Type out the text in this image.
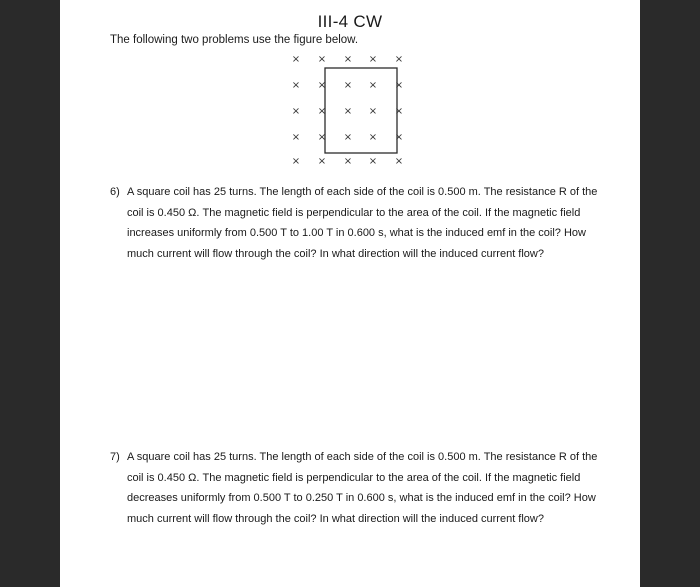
III-4 CW
The following two problems use the figure below.
× × × × ×
× × × × ×
× × × × ×
× × × × ×
× × × × ×
6) A square coil has 25 turns. The length of each side of the coil is 0.500 m. The resistance R of the coil is 0.450 Ω. The magnetic field is perpendicular to the area of the coil. If the magnetic field increases uniformly from 0.500 T to 1.00 T in 0.600 s, what is the induced emf in the coil? How much current will flow through the coil? In what direction will the induced current flow?
7) A square coil has 25 turns. The length of each side of the coil is 0.500 m. The resistance R of the coil is 0.450 Ω. The magnetic field is perpendicular to the area of the coil. If the magnetic field decreases uniformly from 0.500 T to 0.250 T in 0.600 s, what is the induced emf in the coil? How much current will flow through the coil? In what direction will the induced current flow?
